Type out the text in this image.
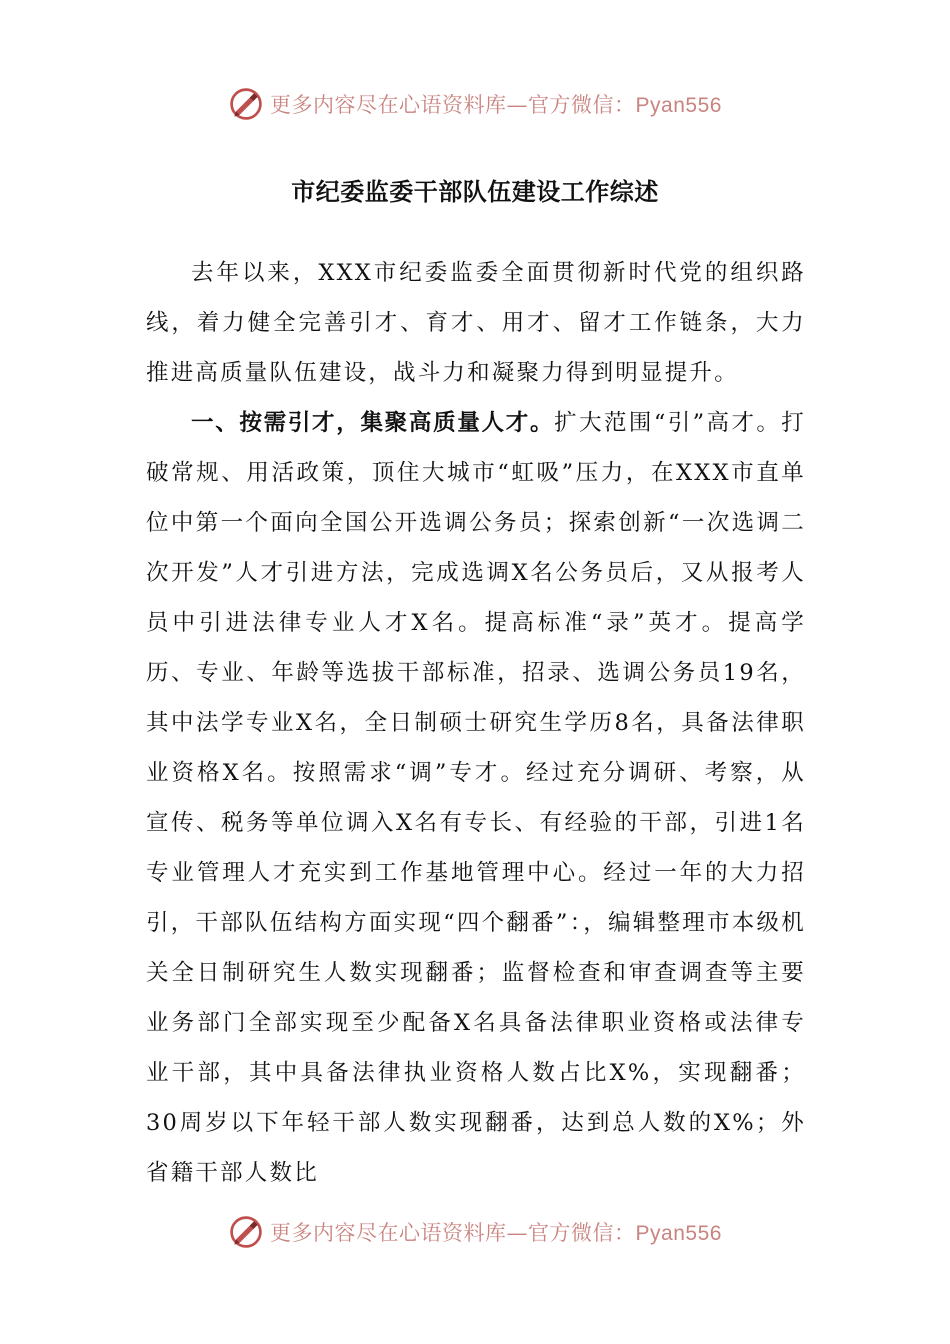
更多内容尽在心语资料库—官方微信：Pyan556
市纪委监委干部队伍建设工作综述

去年以来，XXX市纪委监委全面贯彻新时代党的组织路线，着力健全完善引才、育才、用才、留才工作链条，大力推进高质量队伍建设，战斗力和凝聚力得到明显提升。

一、按需引才，集聚高质量人才。扩大范围“引”高才。打破常规、用活政策，顶住大城市“虹吸”压力，在XXX市直单位中第一个面向全国公开选调公务员；探索创新“一次选调二次开发”人才引进方法，完成选调X名公务员后，又从报考人员中引进法律专业人才X名。提高标准“录”英才。提高学历、专业、年龄等选拔干部标准，招录、选调公务员19名，其中法学专业X名，全日制硕士研究生学历8名，具备法律职业资格X名。按照需求“调”专才。经过充分调研、考察，从宣传、税务等单位调入X名有专长、有经验的干部，引进1名专业管理人才充实到工作基地管理中心。经过一年的大力招引，干部队伍结构方面实现“四个翻番”：，编辑整理市本级机关全日制研究生人数实现翻番；监督检查和审查调查等主要业务部门全部实现至少配备X名具备法律职业资格或法律专业干部，其中具备法律执业资格人数占比X%，实现翻番；30周岁以下年轻干部人数实现翻番，达到总人数的X%；外省籍干部人数比

更多内容尽在心语资料库—官方微信：Pyan556
